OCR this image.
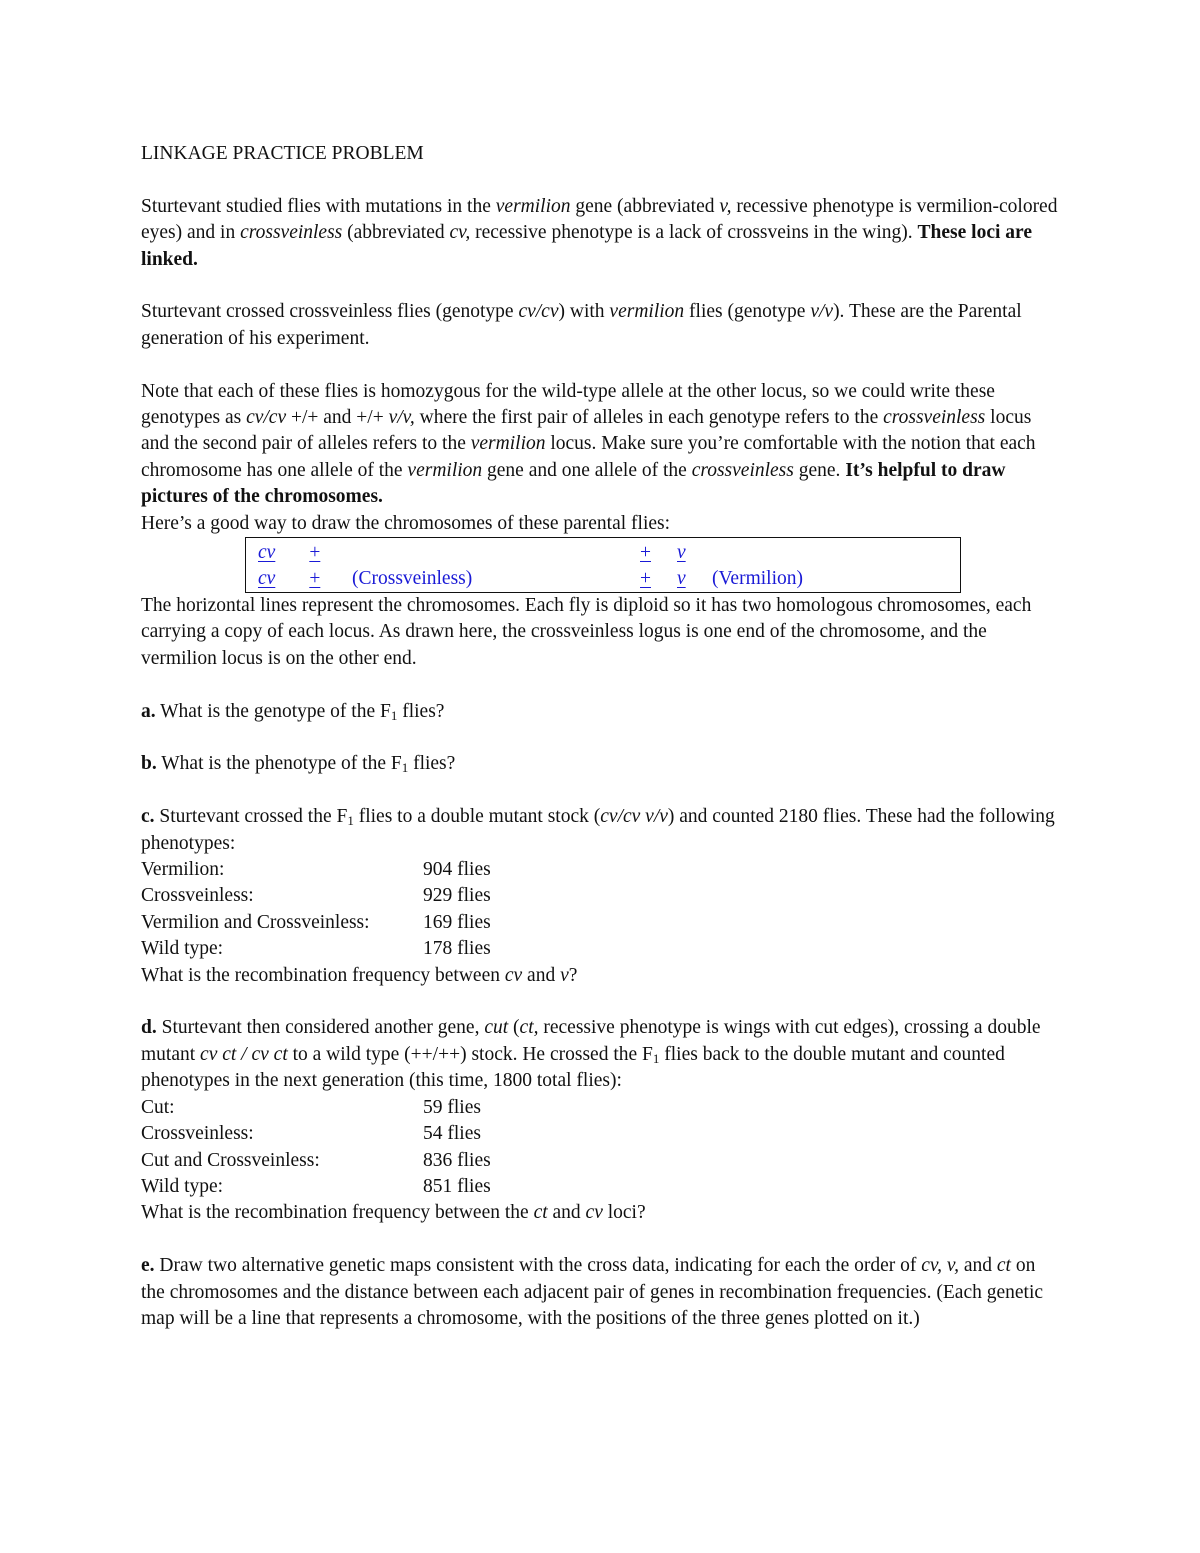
LINKAGE PRACTICE PROBLEM

Sturtevant studied flies with mutations in the vermilion gene (abbreviated v, recessive phenotype is vermilion-colored eyes) and in crossveinless (abbreviated cv, recessive phenotype is a lack of crossveins in the wing). These loci are linked.

Sturtevant crossed crossveinless flies (genotype cv/cv) with vermilion flies (genotype v/v). These are the Parental generation of his experiment.

Note that each of these flies is homozygous for the wild-type allele at the other locus, so we could write these genotypes as cv/cv +/+ and +/+ v/v, where the first pair of alleles in each genotype refers to the crossveinless locus and the second pair of alleles refers to the vermilion locus. Make sure you’re comfortable with the notion that each chromosome has one allele of the vermilion gene and one allele of the crossveinless gene. It’s helpful to draw pictures of the chromosomes.

Here’s a good way to draw the chromosomes of these parental flies:

cv +
cv + (Crossveinless)
+ v
+ v (Vermilion)

The horizontal lines represent the chromosomes. Each fly is diploid so it has two homologous chromosomes, each carrying a copy of each locus. As drawn here, the crossveinless logus is one end of the chromosome, and the vermilion locus is on the other end.

a. What is the genotype of the $F_1$ flies?

b. What is the phenotype of the $F_1$ flies?

c. Sturtevant crossed the $F_1$ flies to a double mutant stock (cv/cv v/v) and counted 2180 flies. These had the following phenotypes:

Vermilion:	904 flies
Crossveinless:	929 flies
Vermilion and Crossveinless:	169 flies
Wild type:	178 flies

What is the recombination frequency between cv and v?

d. Sturtevant then considered another gene, cut (ct, recessive phenotype is wings with cut edges), crossing a double mutant cv ct / cv ct to a wild type (++/++) stock. He crossed the $F_1$ flies back to the double mutant and counted phenotypes in the next generation (this time, 1800 total flies):

Cut:	59 flies
Crossveinless:	54 flies
Cut and Crossveinless:	836 flies
Wild type:	851 flies

What is the recombination frequency between the ct and cv loci?

e. Draw two alternative genetic maps consistent with the cross data, indicating for each the order of cv, v, and ct on the chromosomes and the distance between each adjacent pair of genes in recombination frequencies. (Each genetic map will be a line that represents a chromosome, with the positions of the three genes plotted on it.)
